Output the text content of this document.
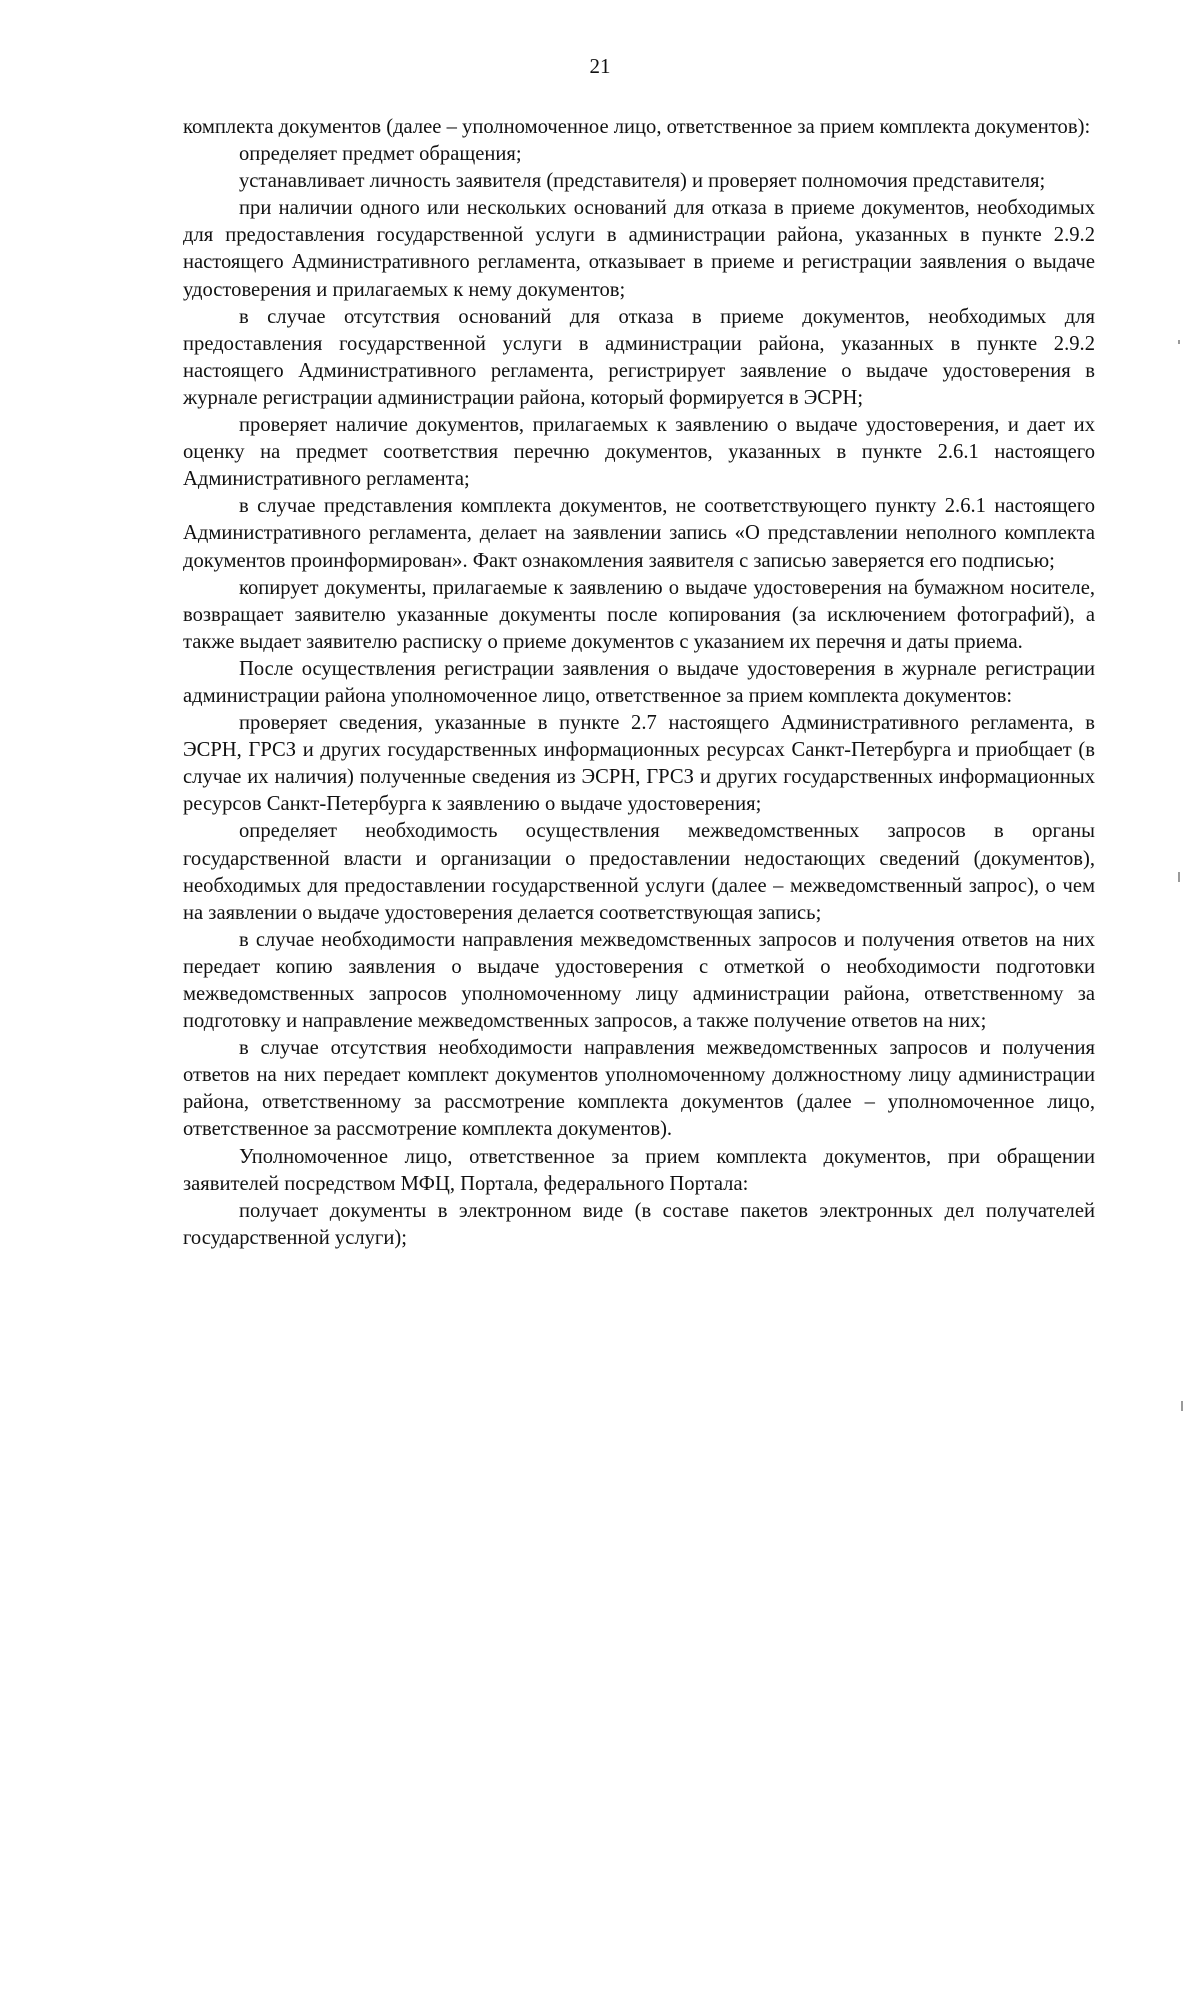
21

комплекта документов (далее – уполномоченное лицо, ответственное за прием комплекта документов):

определяет предмет обращения;

устанавливает личность заявителя (представителя) и проверяет полномочия представителя;

при наличии одного или нескольких оснований для отказа в приеме документов, необходимых для предоставления государственной услуги в администрации района, указанных в пункте 2.9.2 настоящего Административного регламента, отказывает в приеме и регистрации заявления о выдаче удостоверения и прилагаемых к нему документов;

в случае отсутствия оснований для отказа в приеме документов, необходимых для предоставления государственной услуги в администрации района, указанных в пункте 2.9.2 настоящего Административного регламента, регистрирует заявление о выдаче удостоверения в журнале регистрации администрации района, который формируется в ЭСРН;

проверяет наличие документов, прилагаемых к заявлению о выдаче удостоверения, и дает их оценку на предмет соответствия перечню документов, указанных в пункте 2.6.1 настоящего Административного регламента;

в случае представления комплекта документов, не соответствующего пункту 2.6.1 настоящего Административного регламента, делает на заявлении запись «О представлении неполного комплекта документов проинформирован». Факт ознакомления заявителя с записью заверяется его подписью;

копирует документы, прилагаемые к заявлению о выдаче удостоверения на бумажном носителе, возвращает заявителю указанные документы после копирования (за исключением фотографий), а также выдает заявителю расписку о приеме документов с указанием их перечня и даты приема.

После осуществления регистрации заявления о выдаче удостоверения в журнале регистрации администрации района уполномоченное лицо, ответственное за прием комплекта документов:

проверяет сведения, указанные в пункте 2.7 настоящего Административного регламента, в ЭСРН, ГРСЗ и других государственных информационных ресурсах Санкт-Петербурга и приобщает (в случае их наличия) полученные сведения из ЭСРН, ГРСЗ и других государственных информационных ресурсов Санкт-Петербурга к заявлению о выдаче удостоверения;

определяет необходимость осуществления межведомственных запросов в органы государственной власти и организации о предоставлении недостающих сведений (документов), необходимых для предоставлении государственной услуги (далее – межведомственный запрос), о чем на заявлении о выдаче удостоверения делается соответствующая запись;

в случае необходимости направления межведомственных запросов и получения ответов на них передает копию заявления о выдаче удостоверения с отметкой о необходимости подготовки межведомственных запросов уполномоченному лицу администрации района, ответственному за подготовку и направление межведомственных запросов, а также получение ответов на них;

в случае отсутствия необходимости направления межведомственных запросов и получения ответов на них передает комплект документов уполномоченному должностному лицу администрации района, ответственному за рассмотрение комплекта документов (далее – уполномоченное лицо, ответственное за рассмотрение комплекта документов).

Уполномоченное лицо, ответственное за прием комплекта документов, при обращении заявителей посредством МФЦ, Портала, федерального Портала:

получает документы в электронном виде (в составе пакетов электронных дел получателей государственной услуги);
